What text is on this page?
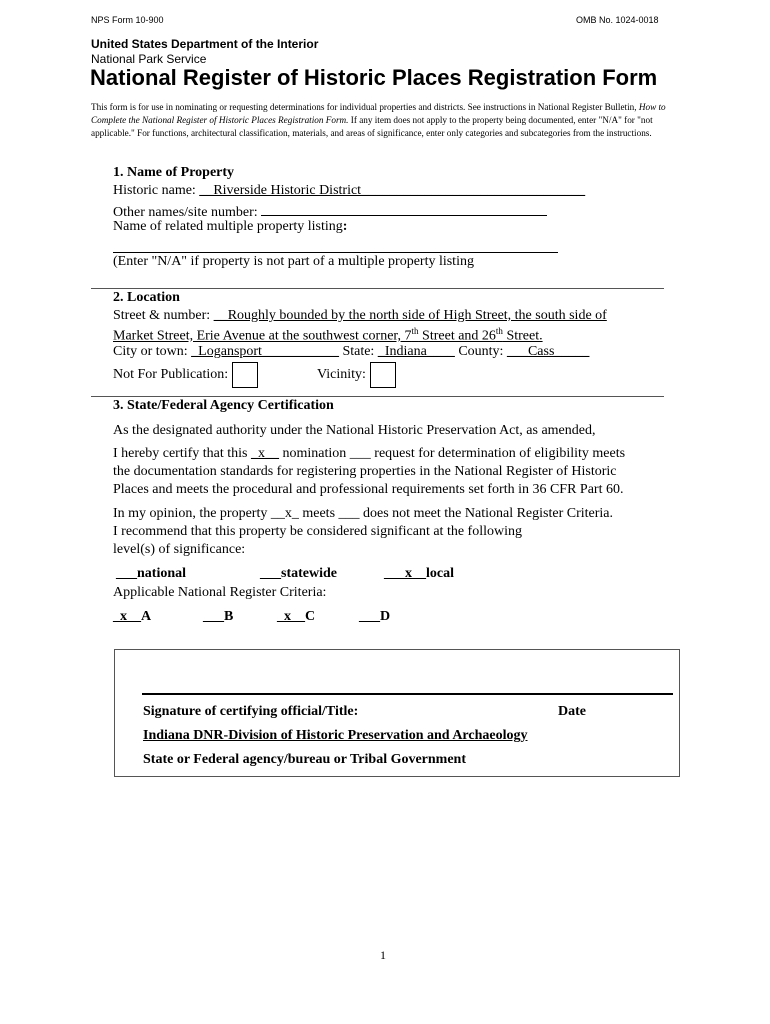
NPS Form 10-900	OMB No. 1024-0018
United States Department of the Interior
National Park Service
National Register of Historic Places Registration Form
This form is for use in nominating or requesting determinations for individual properties and districts. See instructions in National Register Bulletin, How to Complete the National Register of Historic Places Registration Form. If any item does not apply to the property being documented, enter "N/A" for "not applicable." For functions, architectural classification, materials, and areas of significance, enter only categories and subcategories from the instructions.
1. Name of Property
Historic name: __Riverside Historic District________________________________
Other names/site number:
Name of related multiple property listing:
(Enter "N/A" if property is not part of a multiple property listing
2. Location
Street & number: __Roughly bounded by the north side of High Street, the south side of
Market Street, Erie Avenue at the southwest corner, 7th Street and 26th Street.
City or town: _Logansport___________ State: _Indiana____ County: ___Cass_____
Not For Publication:	Vicinity:
3. State/Federal Agency Certification
As the designated authority under the National Historic Preservation Act, as amended,
I hereby certify that this _x__ nomination ___ request for determination of eligibility meets
the documentation standards for registering properties in the National Register of Historic
Places and meets the procedural and professional requirements set forth in 36 CFR Part 60.
In my opinion, the property __x_ meets ___ does not meet the National Register Criteria.
I recommend that this property be considered significant at the following
level(s) of significance:
___national	___statewide	___x__local
Applicable National Register Criteria:
_x__A	___B	_x__C	___D
Signature of certifying official/Title:	Date
Indiana DNR-Division of Historic Preservation and Archaeology
State or Federal agency/bureau or Tribal Government
1
